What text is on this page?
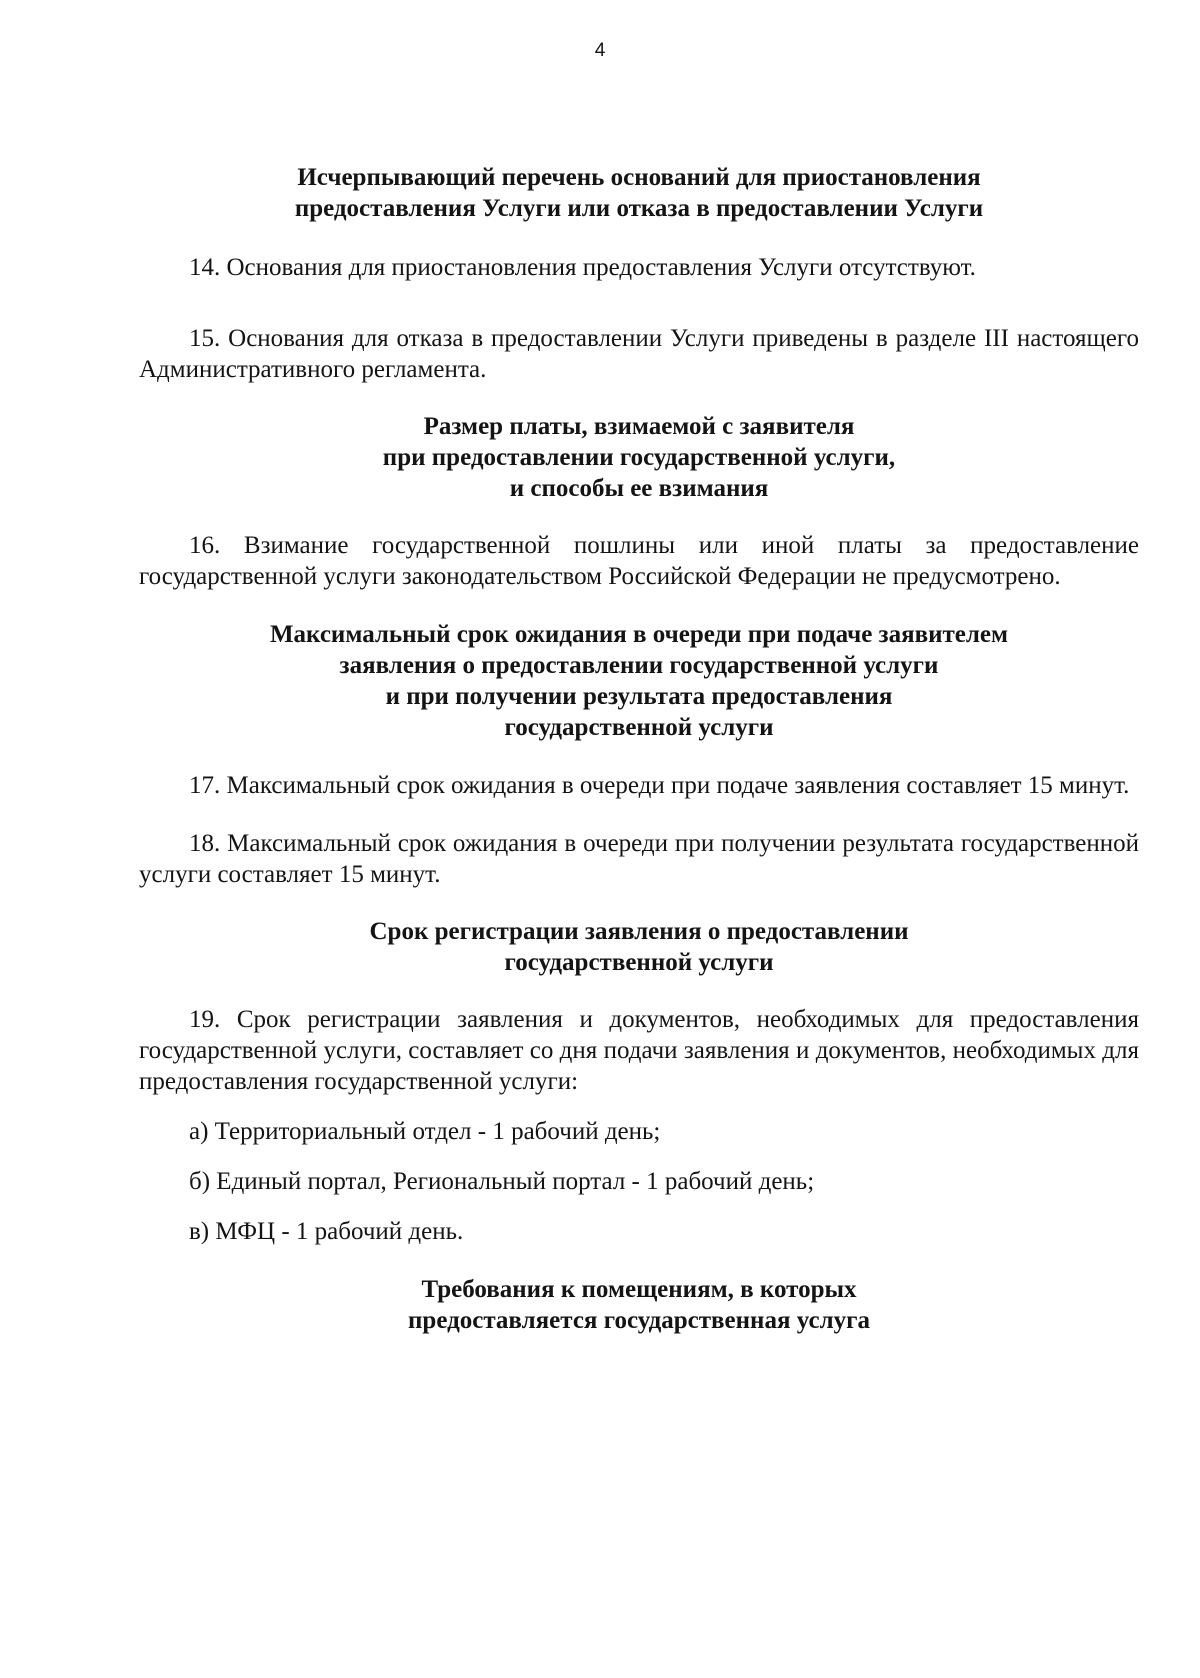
4
Исчерпывающий перечень оснований для приостановления
предоставления Услуги или отказа в предоставлении Услуги

14. Основания для приостановления предоставления Услуги отсутствуют.

15. Основания для отказа в предоставлении Услуги приведены в разделе III настоящего Административного регламента.

Размер платы, взимаемой с заявителя
при предоставлении государственной услуги,
и способы ее взимания

16. Взимание государственной пошлины или иной платы за предоставление государственной услуги законодательством Российской Федерации не предусмотрено.

Максимальный срок ожидания в очереди при подаче заявителем
заявления о предоставлении государственной услуги
и при получении результата предоставления
государственной услуги

17. Максимальный срок ожидания в очереди при подаче заявления составляет 15 минут.

18. Максимальный срок ожидания в очереди при получении результата государственной услуги составляет 15 минут.

Срок регистрации заявления о предоставлении
государственной услуги

19. Срок регистрации заявления и документов, необходимых для предоставления государственной услуги, составляет со дня подачи заявления и документов, необходимых для предоставления государственной услуги:

а) Территориальный отдел - 1 рабочий день;

б) Единый портал, Региональный портал - 1 рабочий день;

в) МФЦ - 1 рабочий день.

Требования к помещениям, в которых
предоставляется государственная услуга
